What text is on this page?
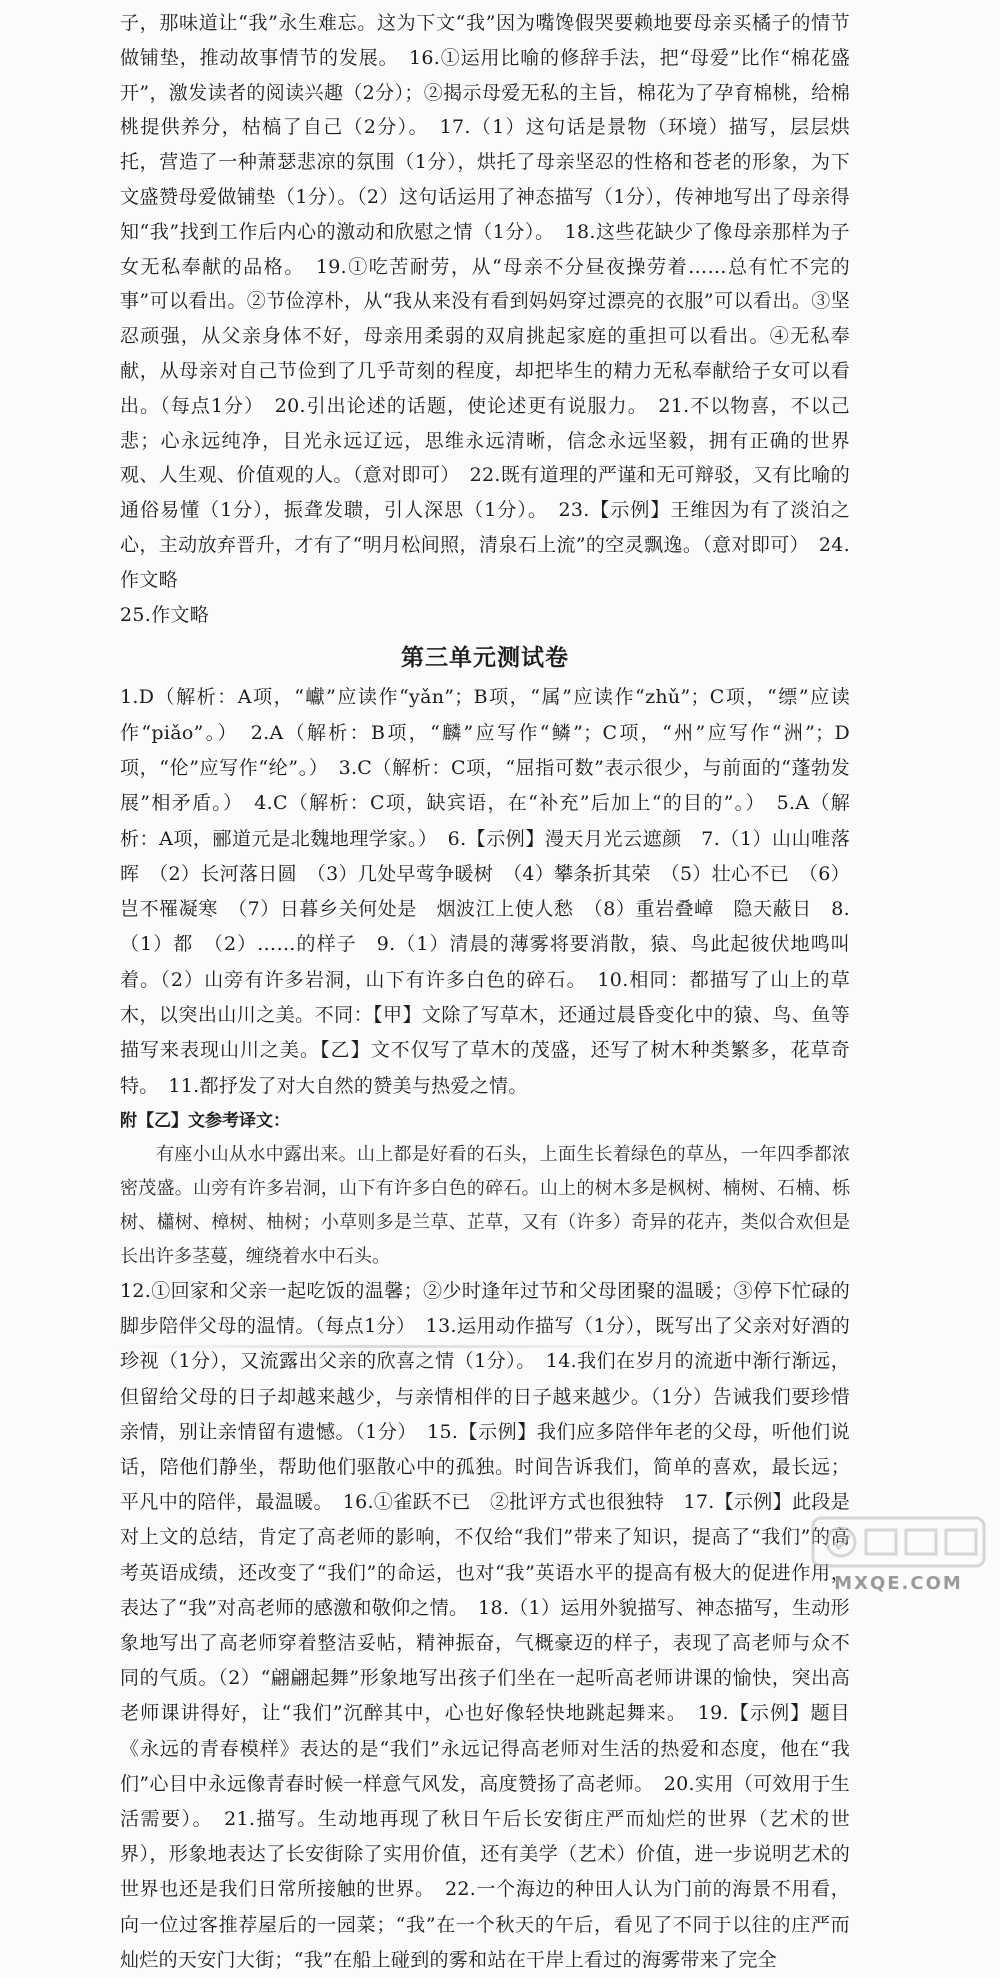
子，那味道让“我”永生难忘。这为下文“我”因为嘴馋假哭要赖地要母亲买橘子的情节做铺垫，推动故事情节的发展。　16.①运用比喻的修辞手法，把“母爱”比作“棉花盛开”，激发读者的阅读兴趣（2分）；②揭示母爱无私的主旨，棉花为了孕育棉桃，给棉桃提供养分，枯槁了自己（2分）。　17.（1）这句话是景物（环境）描写，层层烘托，营造了一种萧瑟悲凉的氛围（1分），烘托了母亲坚忍的性格和苍老的形象，为下文盛赞母爱做铺垫（1分）。（2）这句话运用了神态描写（1分），传神地写出了母亲得知“我”找到工作后内心的激动和欣慰之情（1分）。　18.这些花缺少了像母亲那样为子女无私奉献的品格。　19.①吃苦耐劳，从“母亲不分昼夜操劳着……总有忙不完的事”可以看出。②节俭淳朴，从“我从来没有看到妈妈穿过漂亮的衣服”可以看出。③坚忍顽强，从父亲身体不好，母亲用柔弱的双肩挑起家庭的重担可以看出。④无私奉献，从母亲对自己节俭到了几乎苛刻的程度，却把毕生的精力无私奉献给子女可以看出。（每点1分）　20.引出论述的话题，使论述更有说服力。　21.不以物喜，不以己悲；心永远纯净，目光永远辽远，思维永远清晰，信念永远坚毅，拥有正确的世界观、人生观、价值观的人。（意对即可）　22.既有道理的严谨和无可辩驳，又有比喻的通俗易懂（1分），振聋发聩，引人深思（1分）。　23.【示例】王维因为有了淡泊之心，主动放弃晋升，才有了“明月松间照，清泉石上流”的空灵飘逸。（意对即可）　24.作文略

25.作文略

第三单元测试卷

1.D（解析：A项，“巘”应读作“yǎn”；B项，“属”应读作“zhǔ”；C项，“缥”应读作“piǎo”。）　2.A（解析：B项，“麟”应写作“鳞”；C项，“州”应写作“洲”；D项，“伦”应写作“纶”。）　3.C（解析：C项，“屈指可数”表示很少，与前面的“蓬勃发展”相矛盾。）　4.C（解析：C项，缺宾语，在“补充”后加上“的目的”。）　5.A（解析：A项，郦道元是北魏地理学家。）　6.【示例】漫天月光云遮颜　7.（1）山山唯落晖　（2）长河落日圆　（3）几处早莺争暖树　（4）攀条折其荣　（5）壮心不已　（6）岂不罹凝寒　（7）日暮乡关何处是　烟波江上使人愁　（8）重岩叠嶂　隐天蔽日　8.（1）都　（2）……的样子　9.（1）清晨的薄雾将要消散，猿、鸟此起彼伏地鸣叫着。（2）山旁有许多岩洞，山下有许多白色的碎石。　10.相同：都描写了山上的草木，以突出山川之美。不同：【甲】文除了写草木，还通过晨昏变化中的猿、鸟、鱼等描写来表现山川之美。【乙】文不仅写了草木的茂盛，还写了树木种类繁多，花草奇特。　11.都抒发了对大自然的赞美与热爱之情。

附【乙】文参考译文：

有座小山从水中露出来。山上都是好看的石头，上面生长着绿色的草丛，一年四季都浓密茂盛。山旁有许多岩洞，山下有许多白色的碎石。山上的树木多是枫树、楠树、石楠、栎树、櫹树、樟树、柚树；小草则多是兰草、芷草，又有（许多）奇异的花卉，类似合欢但是长出许多茎蔓，缠绕着水中石头。

12.①回家和父亲一起吃饭的温馨；②少时逢年过节和父母团聚的温暖；③停下忙碌的脚步陪伴父母的温情。（每点1分）　13.运用动作描写（1分），既写出了父亲对好酒的珍视（1分），又流露出父亲的欣喜之情（1分）。　14.我们在岁月的流逝中渐行渐远，但留给父母的日子却越来越少，与亲情相伴的日子越来越少。（1分）告诫我们要珍惜亲情，别让亲情留有遗憾。（1分）　15.【示例】我们应多陪伴年老的父母，听他们说话，陪他们静坐，帮助他们驱散心中的孤独。时间告诉我们，简单的喜欢，最长远；平凡中的陪伴，最温暖。　16.①雀跃不已　②批评方式也很独特　17.【示例】此段是对上文的总结，肯定了高老师的影响，不仅给“我们”带来了知识，提高了“我们”的高考英语成绩，还改变了“我们”的命运，也对“我”英语水平的提高有极大的促进作用，表达了“我”对高老师的感激和敬仰之情。　18.（1）运用外貌描写、神态描写，生动形象地写出了高老师穿着整洁妥帖，精神振奋，气概豪迈的样子，表现了高老师与众不同的气质。（2）“翩翩起舞”形象地写出孩子们坐在一起听高老师讲课的愉快，突出高老师课讲得好，让“我们”沉醉其中，心也好像轻快地跳起舞来。　19.【示例】题目《永远的青春模样》表达的是“我们”永远记得高老师对生活的热爱和态度，他在“我们”心目中永远像青春时候一样意气风发，高度赞扬了高老师。　20.实用（可效用于生活需要）。　21.描写。生动地再现了秋日午后长安街庄严而灿烂的世界（艺术的世界），形象地表达了长安街除了实用价值，还有美学（艺术）价值，进一步说明艺术的世界也还是我们日常所接触的世界。　22.一个海边的种田人认为门前的海景不用看，向一位过客推荐屋后的一园菜；“我”在一个秋天的午后，看见了不同于以往的庄严而灿烂的天安门大街；“我”在船上碰到的雾和站在干岸上看过的海雾带来了完全

MXQE.COM
